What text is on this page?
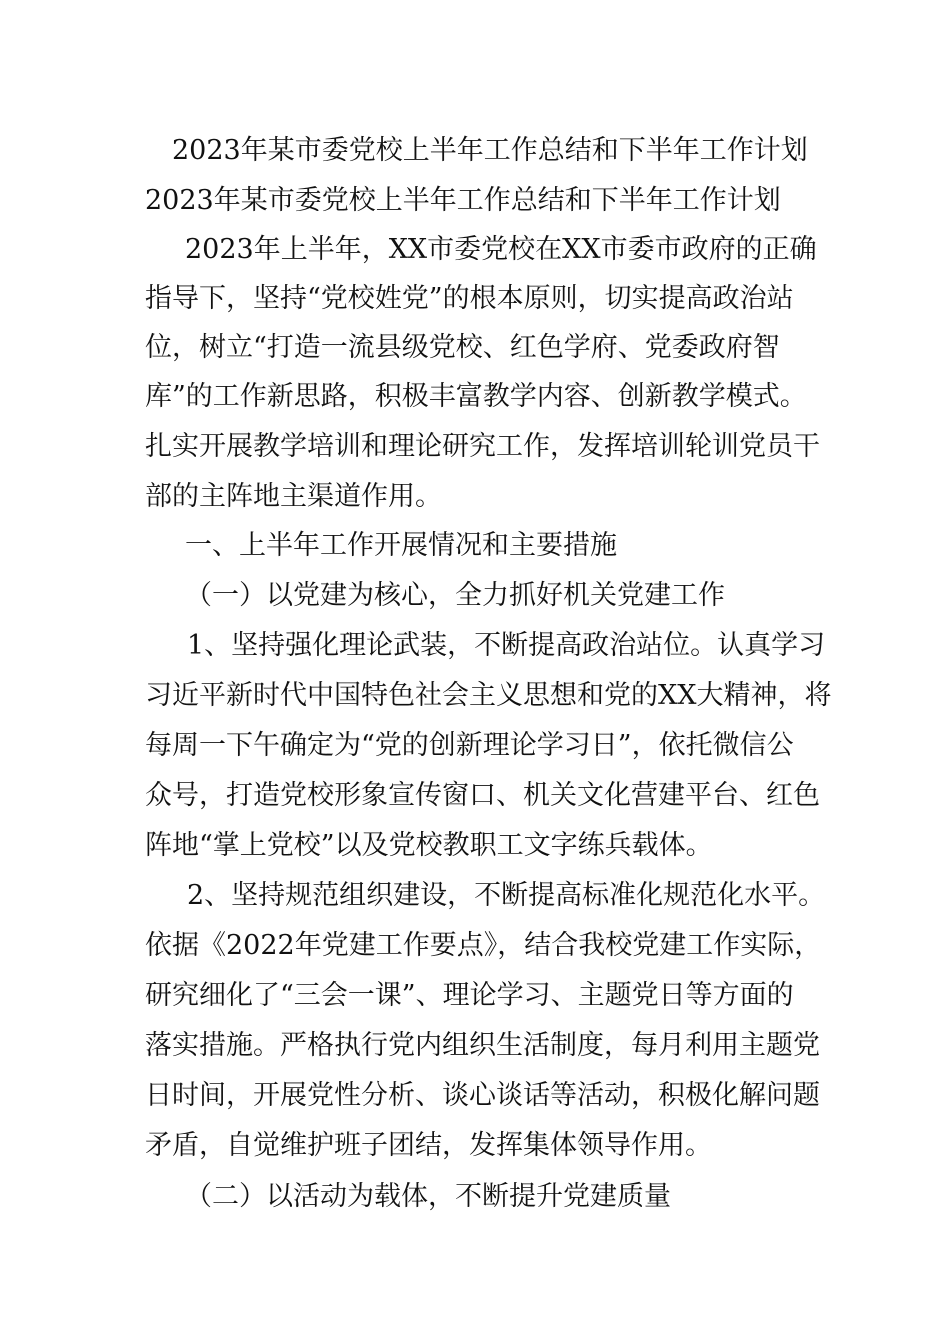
2023年某市委党校上半年工作总结和下半年工作计划
2023年某市委党校上半年工作总结和下半年工作计划
2023年上半年，XX市委党校在XX市委市政府的正确
指导下，坚持“党校姓党”的根本原则，切实提高政治站
位，树立“打造一流县级党校、红色学府、党委政府智
库”的工作新思路，积极丰富教学内容、创新教学模式。
扎实开展教学培训和理论研究工作，发挥培训轮训党员干
部的主阵地主渠道作用。
一、上半年工作开展情况和主要措施
（一）以党建为核心，全力抓好机关党建工作
1、坚持强化理论武装，不断提高政治站位。认真学习
习近平新时代中国特色社会主义思想和党的XX大精神，将
每周一下午确定为“党的创新理论学习日”，依托微信公
众号，打造党校形象宣传窗口、机关文化营建平台、红色
阵地“掌上党校”以及党校教职工文字练兵载体。
2、坚持规范组织建设，不断提高标准化规范化水平。
依据《2022年党建工作要点》，结合我校党建工作实际，
研究细化了“三会一课”、理论学习、主题党日等方面的
落实措施。严格执行党内组织生活制度，每月利用主题党
日时间，开展党性分析、谈心谈话等活动，积极化解问题
矛盾，自觉维护班子团结，发挥集体领导作用。
（二）以活动为载体，不断提升党建质量
